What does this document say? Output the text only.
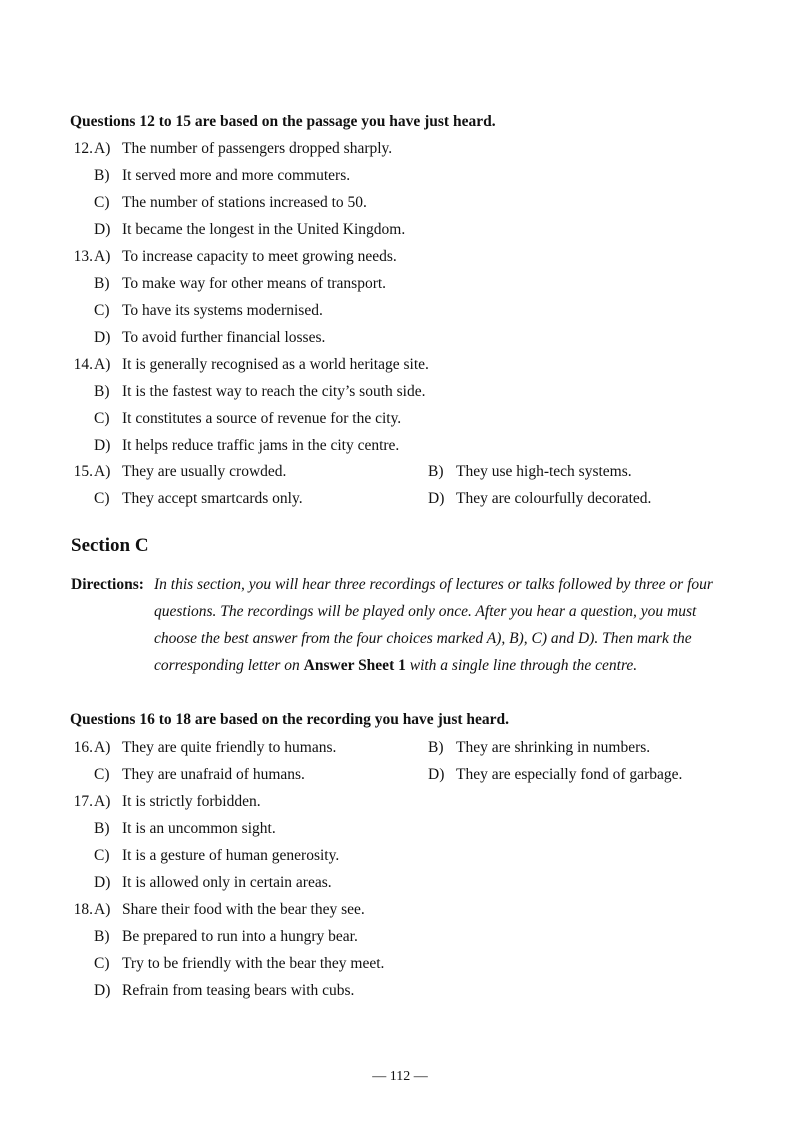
Questions 12 to 15 are based on the passage you have just heard.
12. A) The number of passengers dropped sharply.
B) It served more and more commuters.
C) The number of stations increased to 50.
D) It became the longest in the United Kingdom.
13. A) To increase capacity to meet growing needs.
B) To make way for other means of transport.
C) To have its systems modernised.
D) To avoid further financial losses.
14. A) It is generally recognised as a world heritage site.
B) It is the fastest way to reach the city’s south side.
C) It constitutes a source of revenue for the city.
D) It helps reduce traffic jams in the city centre.
15. A) They are usually crowded.	B) They use high-tech systems.
C) They accept smartcards only.	D) They are colourfully decorated.
Section C
Directions: In this section, you will hear three recordings of lectures or talks followed by three or four
questions. The recordings will be played only once. After you hear a question, you must
choose the best answer from the four choices marked A), B), C) and D). Then mark the
corresponding letter on Answer Sheet 1 with a single line through the centre.
Questions 16 to 18 are based on the recording you have just heard.
16. A) They are quite friendly to humans.	B) They are shrinking in numbers.
C) They are unafraid of humans.	D) They are especially fond of garbage.
17. A) It is strictly forbidden.
B) It is an uncommon sight.
C) It is a gesture of human generosity.
D) It is allowed only in certain areas.
18. A) Share their food with the bear they see.
B) Be prepared to run into a hungry bear.
C) Try to be friendly with the bear they meet.
D) Refrain from teasing bears with cubs.
— 112 —
